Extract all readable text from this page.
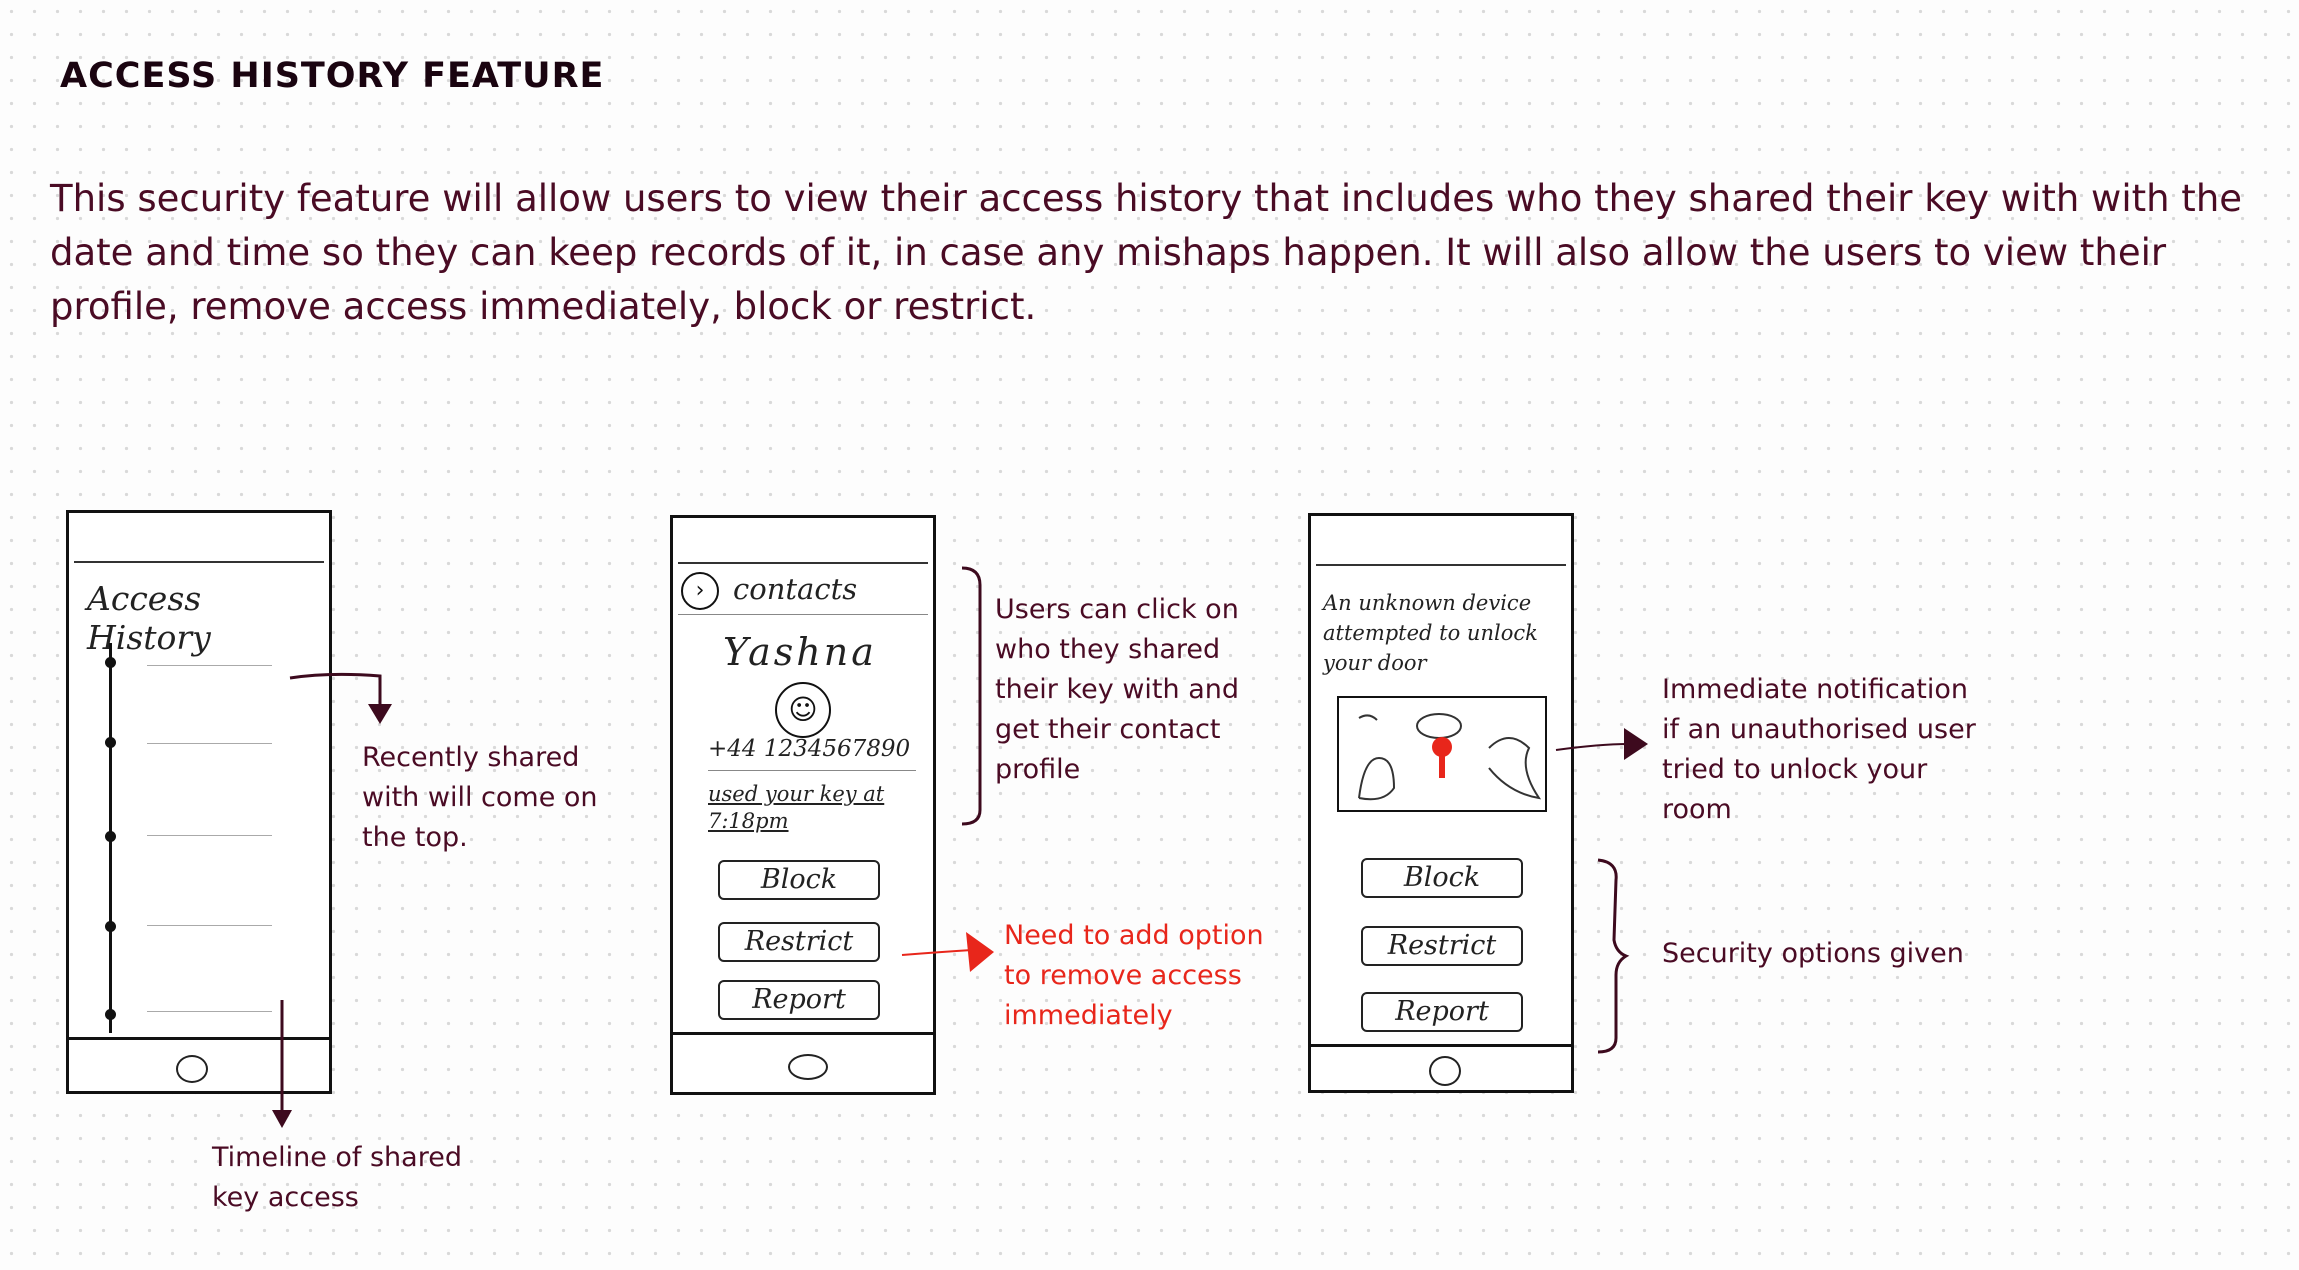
ACCESS HISTORY FEATURE
This security feature will allow users to view their access history that includes who they shared their key with with the date and time so they can keep records of it, in case any mishaps happen. It will also allow the users to view their profile, remove access immediately, block or restrict.
Access History
Recently shared with will come on the top.
Timeline of shared key access
› contacts
Yashna
☺
+44 1234567890
used your key at 7:18pm
Block
Restrict
Report
Users can click on who they shared their key with and get their contact profile
Need to add option to remove access immediately
An unknown device attempted to unlock your door
Block
Restrict
Report
Immediate notification if an unauthorised user tried to unlock your room
Security options given
